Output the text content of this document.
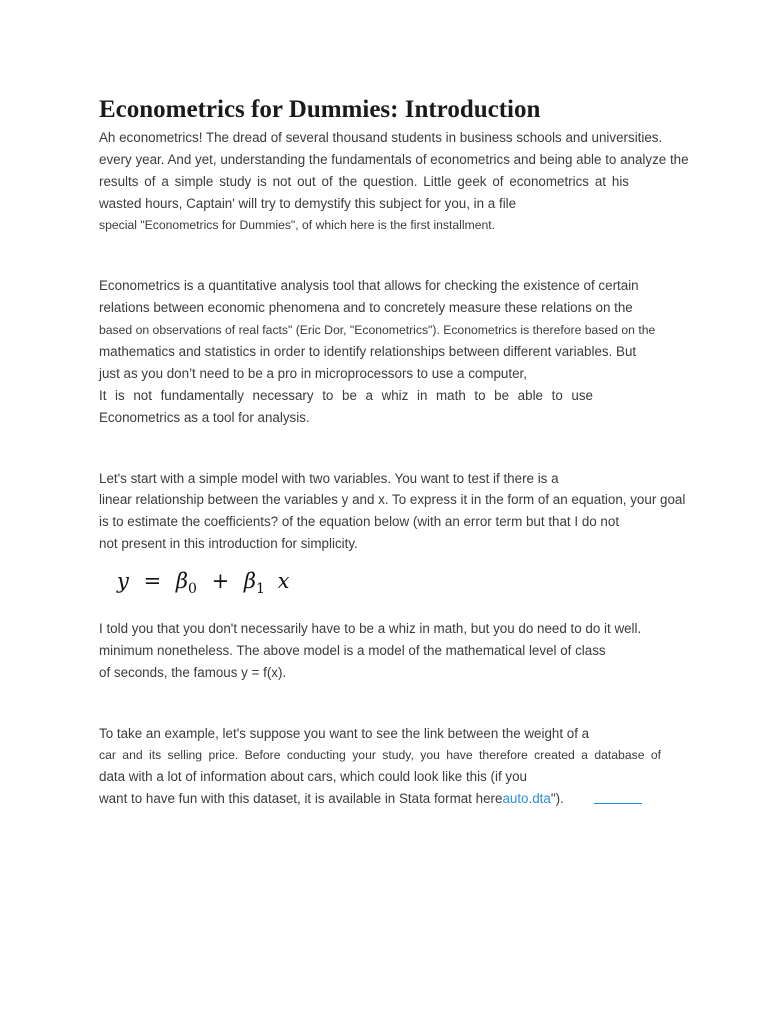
Econometrics for Dummies: Introduction

Ah econometrics! The dread of several thousand students in business schools and universities.

every year. And yet, understanding the fundamentals of econometrics and being able to analyze the

results of a simple study is not out of the question. Little geek of econometrics at his

wasted hours, Captain' will try to demystify this subject for you, in a file

special "Econometrics for Dummies", of which here is the first installment.

Econometrics is a quantitative analysis tool that allows for checking the existence of certain

relations between economic phenomena and to concretely measure these relations on the

based on observations of real facts" (Eric Dor, "Econometrics"). Econometrics is therefore based on the

mathematics and statistics in order to identify relationships between different variables. But

just as you don’t need to be a pro in microprocessors to use a computer,

It is not fundamentally necessary to be a whiz in math to be able to use

Econometrics as a tool for analysis.

Let's start with a simple model with two variables. You want to test if there is a

linear relationship between the variables y and x. To express it in the form of an equation, your goal

is to estimate the coefficients? of the equation below (with an error term but that I do not

not present in this introduction for simplicity.

$y = \beta_0 + \beta_1$ x

I told you that you don't necessarily have to be a whiz in math, but you do need to do it well.

minimum nonetheless. The above model is a model of the mathematical level of class

of seconds, the famous y = f(x).

To take an example, let's suppose you want to see the link between the weight of a

car and its selling price. Before conducting your study, you have therefore created a database of

data with a lot of information about cars, which could look like this (if you

want to have fun with this dataset, it is available in Stata format hereauto.dta").
